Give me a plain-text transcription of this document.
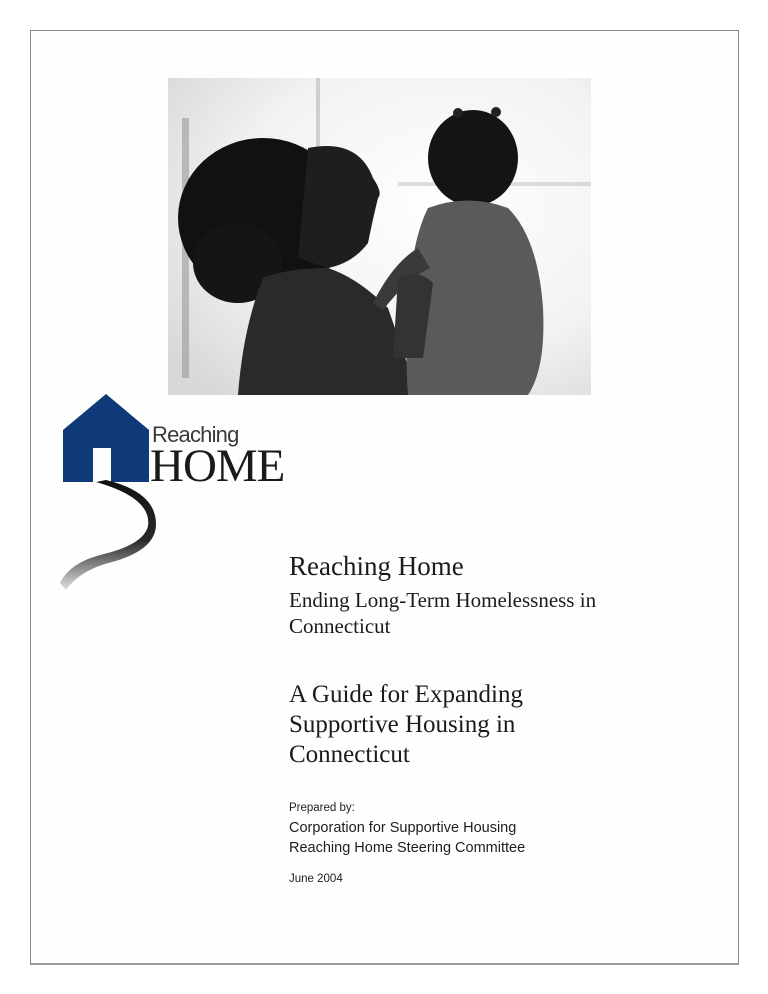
Reaching
HOME
Reaching Home
Ending Long-Term Homelessness in
Connecticut
A Guide for Expanding
Supportive Housing in
Connecticut
Prepared by:
Corporation for Supportive Housing
Reaching Home Steering Committee
June 2004
